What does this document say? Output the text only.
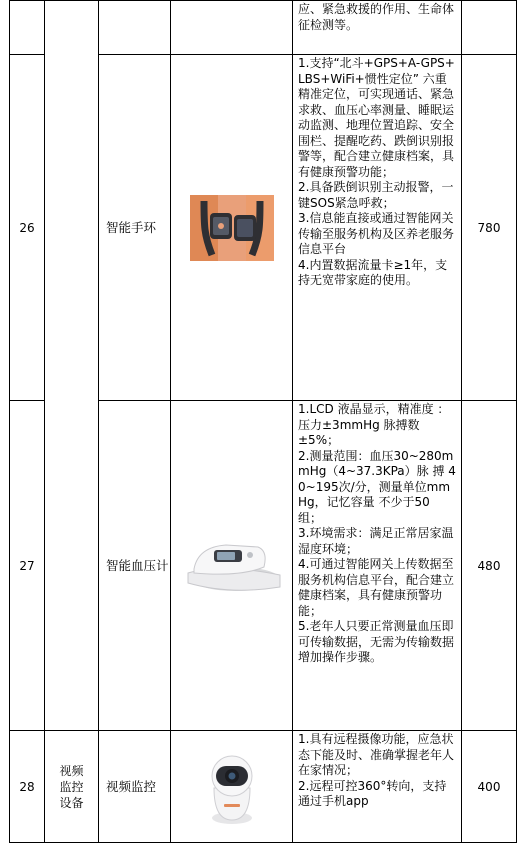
				应、紧急救援的作用、生命体征检测等。	

26		智能手环		1.支持“北斗+GPS+A-GPS+LBS+WiFi+惯性定位” 六重精准定位，可实现通话、紧急求救、血压心率测量、睡眠运动监测、地理位置追踪、安全围栏、提醒吃药、跌倒识别报警等，配合建立健康档案，具有健康预警功能；
2.具备跌倒识别主动报警，一键SOS紧急呼救；
3.信息能直接或通过智能网关传输至服务机构及区养老服务信息平台
4.内置数据流量卡≥1年，支持无宽带家庭的使用。	780
27		智能血压计		1.LCD 液晶显示，精准度 ：压力±3mmHg 脉搏数±5%；
2.测量范围：血压30~280mmHg（4~37.3KPa）脉 搏 40~195次/分，测量单位mmHg，记忆容量 不少于50 组；
3.环境需求：满足正常居家温湿度环境；
4.可通过智能网关上传数据至服务机构信息平台，配合建立健康档案，具有健康预警功能；
5.老年人只要正常测量血压即可传输数据，无需为传输数据增加操作步骤。	480
28	视频监控设备	视频监控		1.具有远程摄像功能，应急状态下能及时、准确掌握老年人在家情况；
2.远程可控360°转向，支持通过手机app	400
